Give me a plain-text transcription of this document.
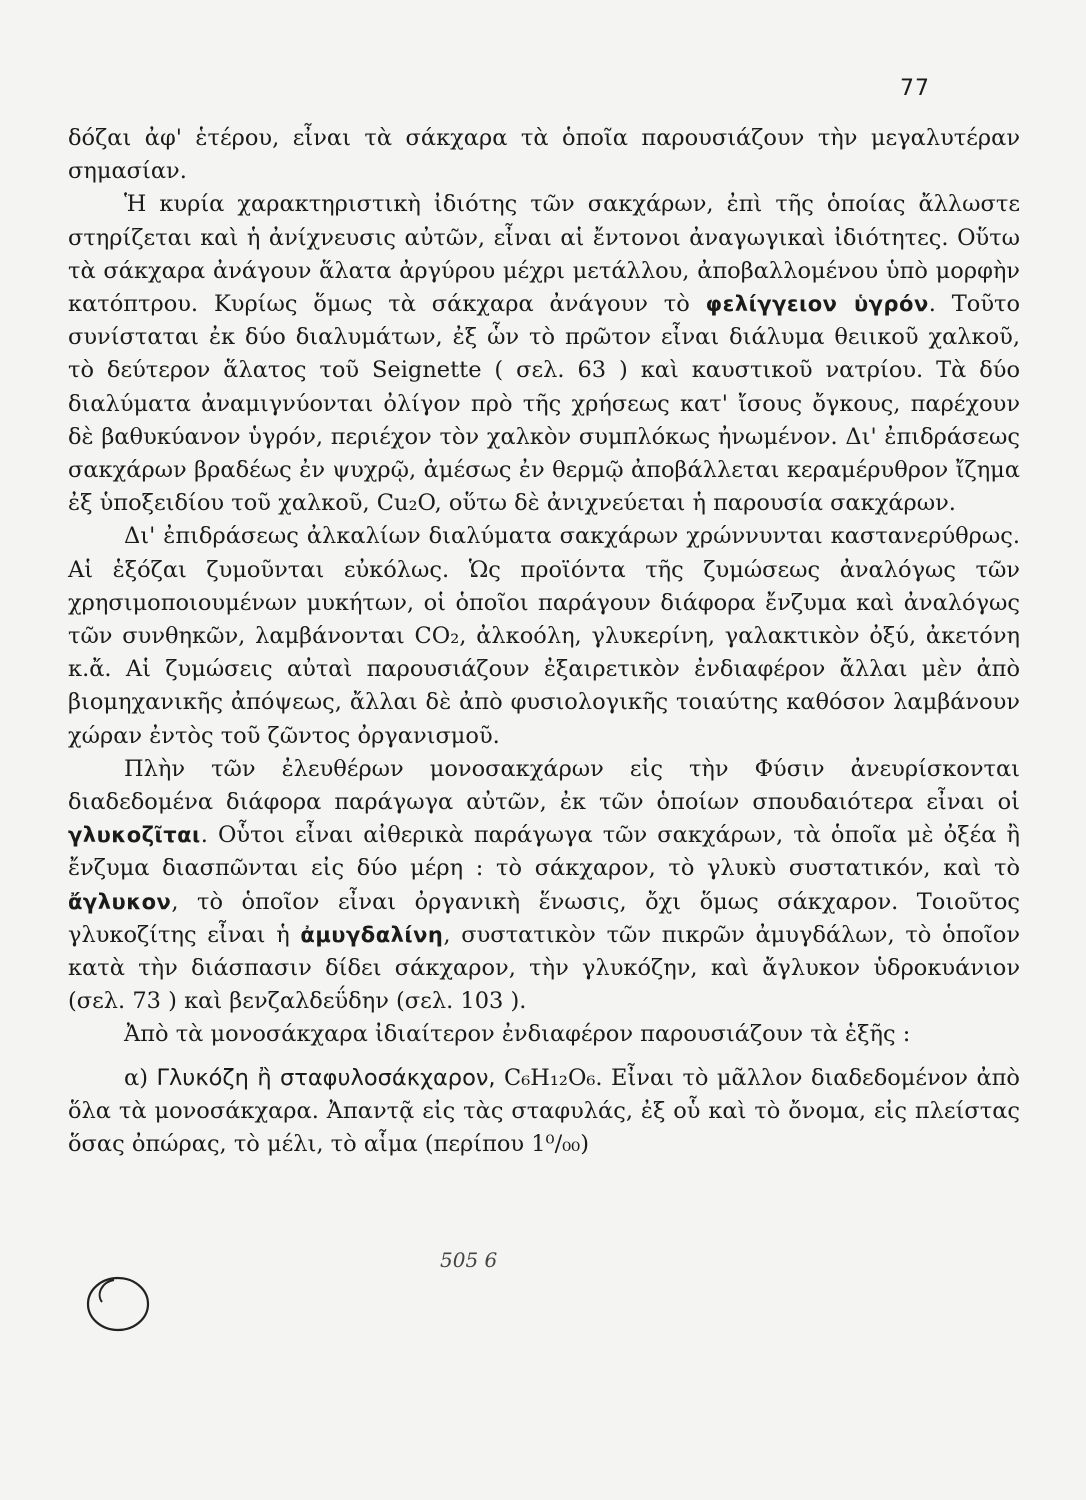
77
505 6

δόζαι ἀφ' ἑτέρου, εἶναι τὰ σάκχαρα τὰ ὁποῖα παρουσιάζουν τὴν μεγαλυτέραν σημασίαν.

Ἡ κυρία χαρακτηριστικὴ ἰδιότης τῶν σακχάρων, ἐπὶ τῆς ὁποίας ἄλλωστε στηρίζεται καὶ ἡ ἀνίχνευσις αὐτῶν, εἶναι αἱ ἔντονοι ἀναγωγικαὶ ἰδιότητες. Οὕτω τὰ σάκχαρα ἀνάγουν ἅλατα ἀργύρου μέχρι μετάλλου, ἀποβαλλομένου ὑπὸ μορφὴν κατόπτρου. Κυρίως ὅμως τὰ σάκχαρα ἀνάγουν τὸ φελίγγειον ὑγρόν. Τοῦτο συνίσταται ἐκ δύο διαλυμάτων, ἐξ ὧν τὸ πρῶτον εἶναι διάλυμα θειικοῦ χαλκοῦ, τὸ δεύτερον ἅλατος τοῦ Seignette ( σελ. 63 ) καὶ καυστικοῦ νατρίου. Τὰ δύο διαλύματα ἀναμιγνύονται ὀλίγον πρὸ τῆς χρήσεως κατ' ἴσους ὄγκους, παρέχουν δὲ βαθυκύανον ὑγρόν, περιέχον τὸν χαλκὸν συμπλόκως ἠνωμένον. Δι' ἐπιδράσεως σακχάρων βραδέως ἐν ψυχρῷ, ἀμέσως ἐν θερμῷ ἀποβάλλεται κεραμέρυθρον ἴζημα ἐξ ὑποξειδίου τοῦ χαλκοῦ, Cu₂O, οὕτω δὲ ἀνιχνεύεται ἡ παρουσία σακχάρων.

Δι' ἐπιδράσεως ἀλκαλίων διαλύματα σακχάρων χρώννυνται καστανερύθρως. Αἱ ἑξόζαι ζυμοῦνται εὐκόλως. Ὡς προϊόντα τῆς ζυμώσεως ἀναλόγως τῶν χρησιμοποιουμένων μυκήτων, οἱ ὁποῖοι παράγουν διάφορα ἔνζυμα καὶ ἀναλόγως τῶν συνθηκῶν, λαμβάνονται CO₂, ἀλκοόλη, γλυκερίνη, γαλακτικὸν ὀξύ, ἀκετόνη κ.ἄ. Αἱ ζυμώσεις αὐταὶ παρουσιάζουν ἐξαιρετικὸν ἐνδιαφέρον ἄλλαι μὲν ἀπὸ βιομηχανικῆς ἀπόψεως, ἄλλαι δὲ ἀπὸ φυσιολογικῆς τοιαύτης καθόσον λαμβάνουν χώραν ἐντὸς τοῦ ζῶντος ὀργανισμοῦ.

Πλὴν τῶν ἐλευθέρων μονοσακχάρων εἰς τὴν Φύσιν ἀνευρίσκονται διαδεδομένα διάφορα παράγωγα αὐτῶν, ἐκ τῶν ὁποίων σπουδαιότερα εἶναι οἱ γλυκοζῖται. Οὗτοι εἶναι αἰθερικὰ παράγωγα τῶν σακχάρων, τὰ ὁποῖα μὲ ὀξέα ἢ ἔνζυμα διασπῶνται εἰς δύο μέρη : τὸ σάκχαρον, τὸ γλυκὺ συστατικόν, καὶ τὸ ἄγλυκον, τὸ ὁποῖον εἶναι ὀργανικὴ ἕνωσις, ὄχι ὅμως σάκχαρον. Τοιοῦτος γλυκοζίτης εἶναι ἡ ἀμυγδαλίνη, συστατικὸν τῶν πικρῶν ἀμυγδάλων, τὸ ὁποῖον κατὰ τὴν διάσπασιν δίδει σάκχαρον, τὴν γλυκόζην, καὶ ἄγλυκον ὑδροκυάνιον (σελ. 73 ) καὶ βενζαλδεΰδην (σελ. 103 ).

Ἀπὸ τὰ μονοσάκχαρα ἰδιαίτερον ἐνδιαφέρον παρουσιάζουν τὰ ἑξῆς :

α) Γλυκόζη ἢ σταφυλοσάκχαρον, C₆H₁₂O₆. Εἶναι τὸ μᾶλλον διαδεδομένον ἀπὸ ὅλα τὰ μονοσάκχαρα. Ἀπαντᾷ εἰς τὰς σταφυλάς, ἐξ οὗ καὶ τὸ ὄνομα, εἰς πλείστας ὅσας ὀπώρας, τὸ μέλι, τὸ αἷμα (περίπου 1⁰/₀₀)
